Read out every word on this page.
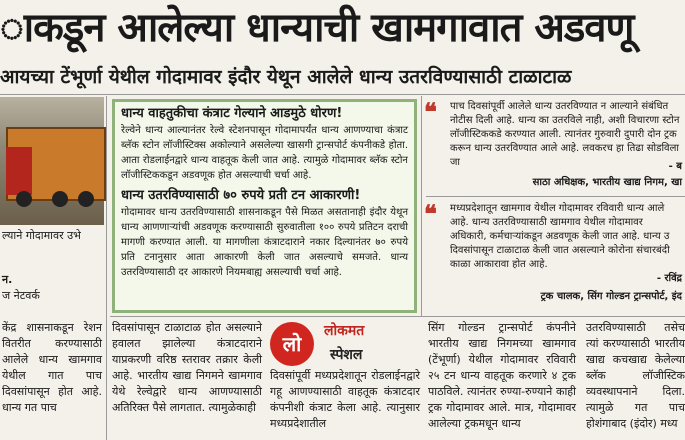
ाकडून आलेल्या धान्याची खामगावात अडवणू
आयच्या टेंभूर्णा येथील गोदामावर इंदौर येथून आलेले धान्य उतरविण्यासाठी टाळाटाळ
ल्याने गोदामावर उभे
न.
ज नेटवर्क
केंद्र शासनाकडून रेशन वितरीत करण्यासाठी आलेले धान्य खामगाव येथील गात पाच दिवसांपासून होत आहे. धान्य गत पाच
धान्य वाहतुकीचा कंत्राट गेल्याने आडमुठे धोरण!
रेल्वेने धान्य आल्यानंतर रेल्वे स्टेशनपासून गोदामापर्यंत धान्य आणण्याचा कंत्राट ब्लॅक स्टोन लॉजीस्टिक्स अकोल्याने असलेल्या खासगी ट्रान्सपोर्ट कंपनीकडे होता. आता रोडलाईनद्वारे धान्य वाहतूक केली जात आहे. त्यामुळे गोदामावर ब्लॅक स्टोन लॉजीस्टिककडून अडवणूक होत असल्याची चर्चा आहे.
धान्य उतरविण्यासाठी ७० रुपये प्रती टन आकारणी!
गोदामावर धान्य उतरविण्यासाठी शासनाकडून पैसे मिळत असतानाही इंदौर येथून धान्य आणणाऱ्यांची अडवणूक करण्यासाठी सुरुवातीला १०० रुपये प्रतिटन दराची मागणी करण्यात आली. या मागणीला कंत्राटदाराने नकार दिल्यानंतर ७० रुपये प्रति टनानुसार आता आकारणी केली जात असल्याचे समजते. धान्य उतरविण्यासाठी दर आकारणे नियमबाह्य असल्याची चर्चा आहे.
❝ पाच दिवसांपूर्वी आलेले धान्य उतरविण्यात न आल्याने संबंधित नोटीस दिली आहे. धान्य का उतरविले नाही, अशी विचारणा स्टोन लॉजीस्टिककडे करण्यात आली. त्यानंतर गुरुवारी दुपारी दोन ट्रक करून धान्य उतरविण्यात आले आहे. लवकरच हा तिढा सोडविला जा	- ब
साठा अधिक्षक, भारतीय खाद्य निगम, खा
❝ मध्यप्रदेशातून खामगाव येथील गोदामावर रविवारी धान्य आले आहे. धान्य उतरविण्यासाठी खामगाव येथील गोदामावर अधिकारी, कर्मचाऱ्यांकडून अडवणूक केली जात आहे. धान्य उ दिवसांपासून टाळाटाळ केली जात असल्याने कोरोना संचारबंदी काळा आकारावा होत आहे.
- रविंद्र
ट्रक चालक, सिंग गोल्डन ट्रान्सपोर्ट, इंद
दिवसांपासून टाळाटाळ होत असल्याने हवालत झालेल्या कंत्राटदाराने याप्रकरणी वरिष्ठ स्तरावर तक्रार केली आहे. भारतीय खाद्य निगमने खामगाव येथे रेल्वेद्वारे धान्य आणण्यासाठी अतिरिक्त पैसे लागतात. त्यामुळेकाही
लो
लोकमत
स्पेशल
दिवसांपूर्वी मध्यप्रदेशातून रोडलाईनद्वारे गहू आणण्यासाठी वाहतूक कंत्राटदार कंपनीशी कंत्राट केला आहे. त्यानुसार मध्यप्रदेशातील
सिंग गोल्डन ट्रान्सपोर्ट कंपनीने भारतीय खाद्य निगमच्या खामगाव (टेंभूर्णा) येथील गोदामावर रविवारी २५ टन धान्य वाहतूक करणारे ४ ट्रक पाठविले. त्यानंतर रुण्या-रुण्याने काही ट्रक गोदामावर आले. मात्र, गोदामावर आलेल्या ट्रकमधून धान्य
उतरविण्यासाठी तसेच त्यां करण्यासाठी भारतीय खाद्य कचखाद्य केलेल्या ब्लॅक लॉजीस्टिक व्यवस्थापनाने दिला. त्यामुळे गत पाच होशंगाबाद (इंदोर) मध्य
